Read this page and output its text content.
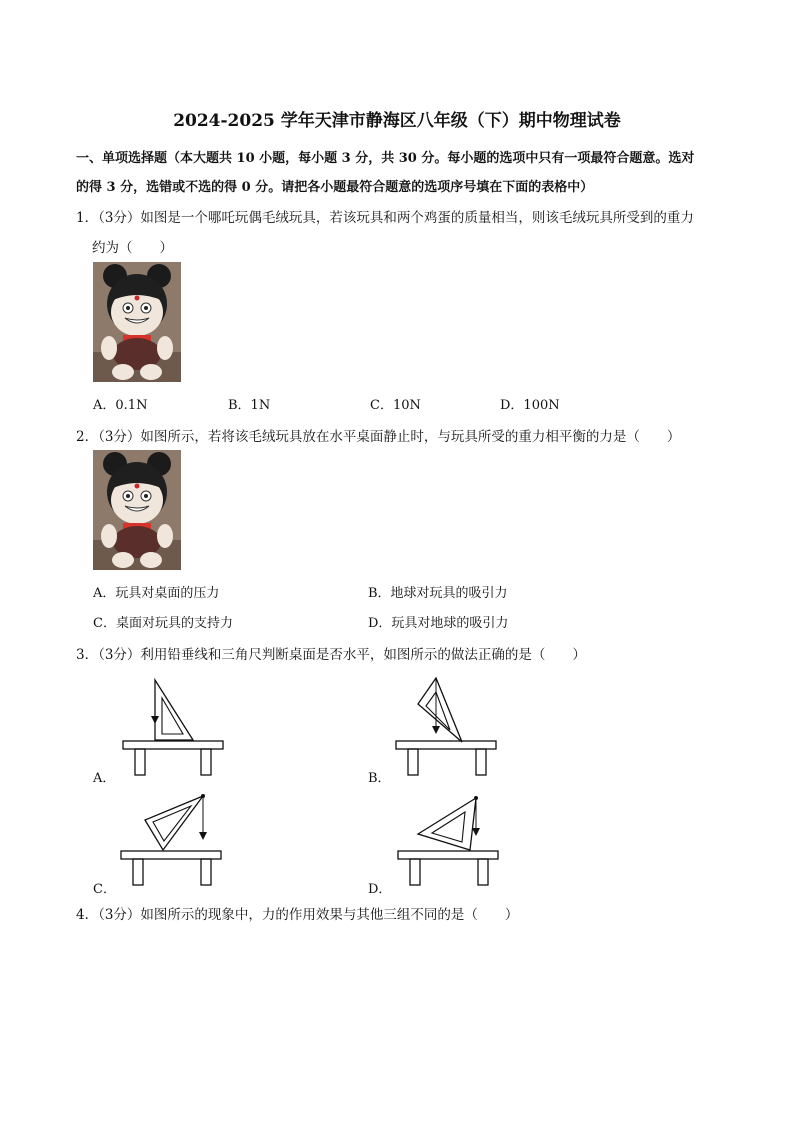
2024-2025 学年天津市静海区八年级（下）期中物理试卷
一、单项选择题（本大题共 10 小题，每小题 3 分，共 30 分。每小题的选项中只有一项最符合题意。选对
的得 3 分，选错或不选的得 0 分。请把各小题最符合题意的选项序号填在下面的表格中）
1．（3分）如图是一个哪吒玩偶毛绒玩具，若该玩具和两个鸡蛋的质量相当，则该毛绒玩具所受到的重力
约为（　　）
A．0.1N	B．1N	C．10N	D．100N
2．（3分）如图所示，若将该毛绒玩具放在水平桌面静止时，与玩具所受的重力相平衡的力是（　　）
A．玩具对桌面的压力	B．地球对玩具的吸引力
C．桌面对玩具的支持力	D．玩具对地球的吸引力
3．（3分）利用铅垂线和三角尺判断桌面是否水平，如图所示的做法正确的是（　　）
A．	B．
C．	D．
4．（3分）如图所示的现象中，力的作用效果与其他三组不同的是（　　）
